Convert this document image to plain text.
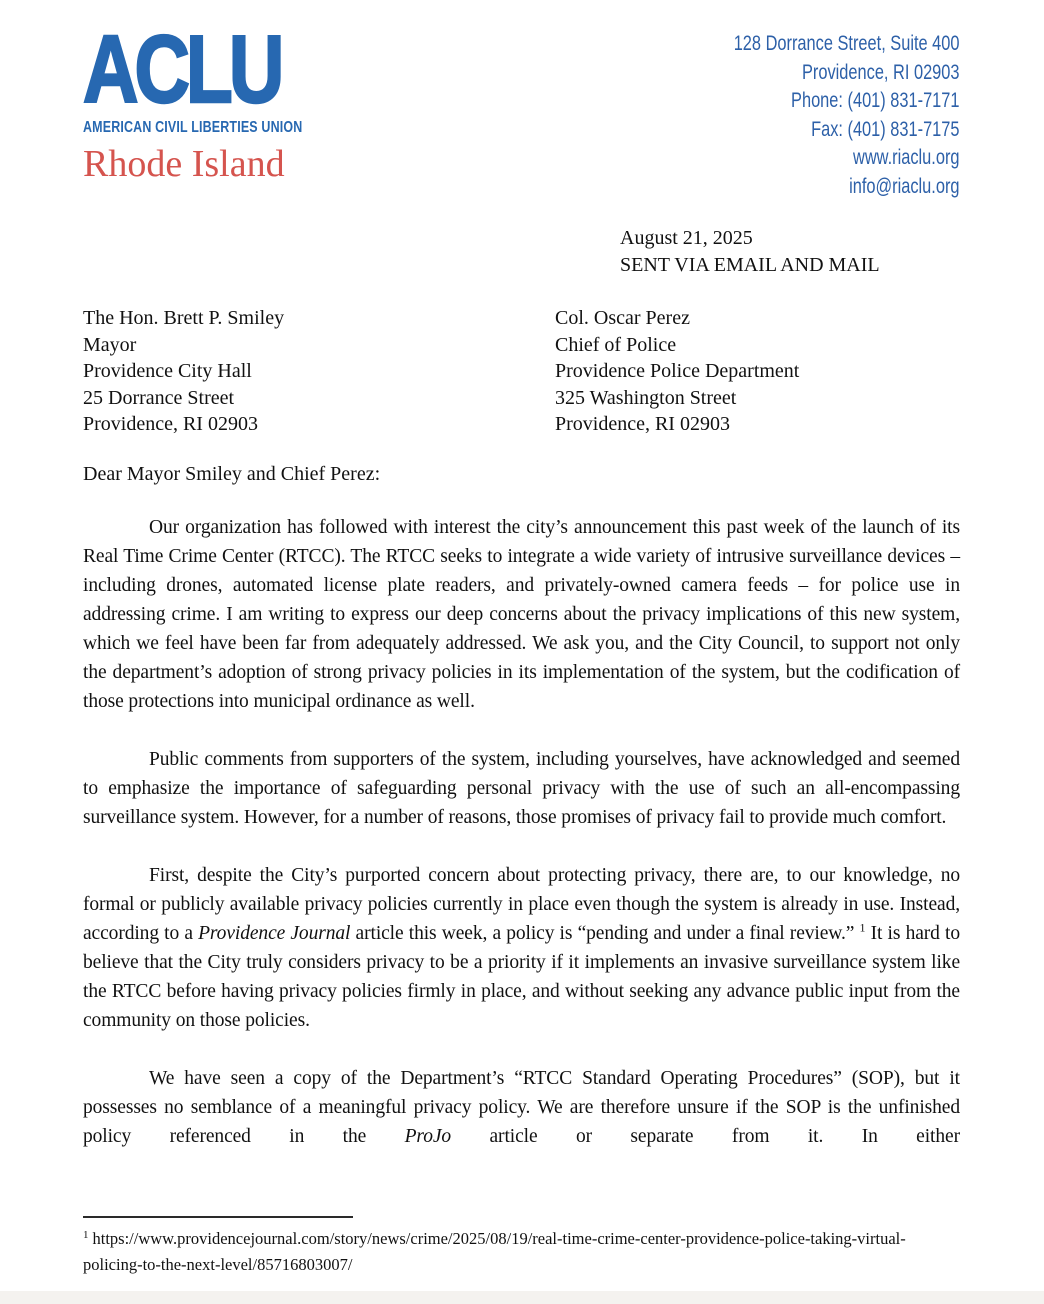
ACLU
AMERICAN CIVIL LIBERTIES UNION
Rhode Island
128 Dorrance Street, Suite 400
Providence, RI 02903
Phone: (401) 831-7171
Fax: (401) 831-7175
www.riaclu.org
info@riaclu.org
August 21, 2025
SENT VIA EMAIL AND MAIL
The Hon. Brett P. Smiley
Mayor
Providence City Hall
25 Dorrance Street
Providence, RI 02903
Col. Oscar Perez
Chief of Police
Providence Police Department
325 Washington Street
Providence, RI 02903
Dear Mayor Smiley and Chief Perez:

Our organization has followed with interest the city’s announcement this past week of the launch of its Real Time Crime Center (RTCC). The RTCC seeks to integrate a wide variety of intrusive surveillance devices – including drones, automated license plate readers, and privately-owned camera feeds – for police use in addressing crime. I am writing to express our deep concerns about the privacy implications of this new system, which we feel have been far from adequately addressed. We ask you, and the City Council, to support not only the department’s adoption of strong privacy policies in its implementation of the system, but the codification of those protections into municipal ordinance as well.

Public comments from supporters of the system, including yourselves, have acknowledged and seemed to emphasize the importance of safeguarding personal privacy with the use of such an all-encompassing surveillance system. However, for a number of reasons, those promises of privacy fail to provide much comfort.

First, despite the City’s purported concern about protecting privacy, there are, to our knowledge, no formal or publicly available privacy policies currently in place even though the system is already in use. Instead, according to a Providence Journal article this week, a policy is “pending and under a final review.” $^1$ It is hard to believe that the City truly considers privacy to be a priority if it implements an invasive surveillance system like the RTCC before having privacy policies firmly in place, and without seeking any advance public input from the community on those policies.

We have seen a copy of the Department’s “RTCC Standard Operating Procedures” (SOP), but it possesses no semblance of a meaningful privacy policy. We are therefore unsure if the SOP is the unfinished policy referenced in the ProJo article or separate from it. In either

$^1$ https://www.providencejournal.com/story/news/crime/2025/08/19/real-time-crime-center-providence-police-taking-virtual-policing-to-the-next-level/85716803007/
